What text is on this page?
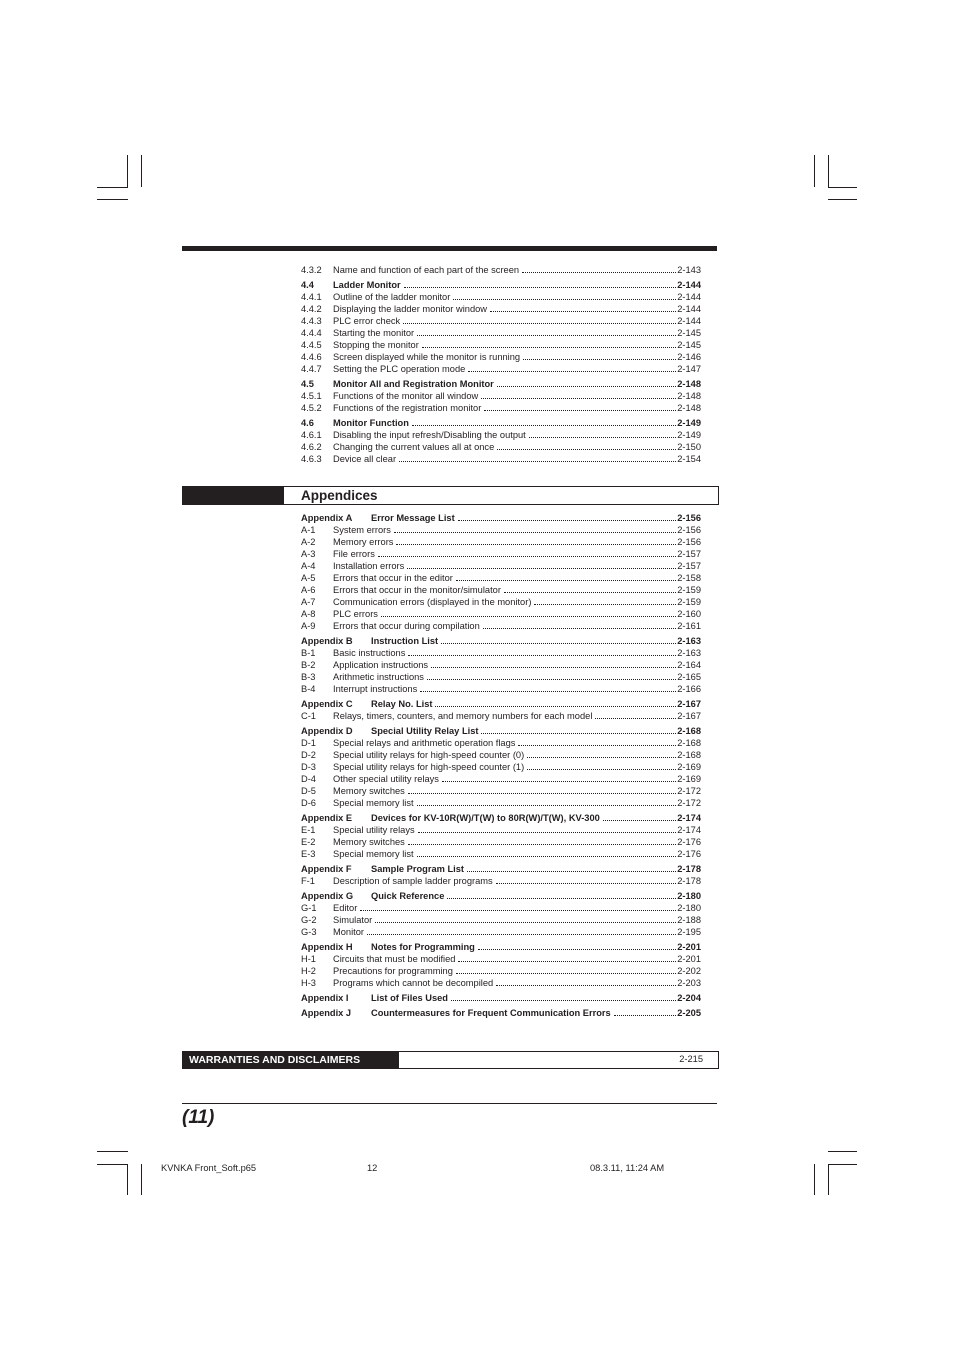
4.3.2	Name and function of each part of the screen	2-143
4.4	Ladder Monitor	2-144
4.4.1	Outline of the ladder monitor	2-144
4.4.2	Displaying the ladder monitor window	2-144
4.4.3	PLC error check	2-144
4.4.4	Starting the monitor	2-145
4.4.5	Stopping the monitor	2-145
4.4.6	Screen displayed while the monitor is running	2-146
4.4.7	Setting the PLC operation mode	2-147
4.5	Monitor All and Registration Monitor	2-148
4.5.1	Functions of the monitor all window	2-148
4.5.2	Functions of the registration monitor	2-148
4.6	Monitor Function	2-149
4.6.1	Disabling the input refresh/Disabling the output	2-149
4.6.2	Changing the current values all at once	2-150
4.6.3	Device all clear	2-154
Appendices
Appendix A	Error Message List	2-156
A-1	System errors	2-156
A-2	Memory errors	2-156
A-3	File errors	2-157
A-4	Installation errors	2-157
A-5	Errors that occur in the editor	2-158
A-6	Errors that occur in the monitor/simulator	2-159
A-7	Communication errors (displayed in the monitor)	2-159
A-8	PLC errors	2-160
A-9	Errors that occur during compilation	2-161
Appendix B	Instruction List	2-163
B-1	Basic instructions	2-163
B-2	Application instructions	2-164
B-3	Arithmetic instructions	2-165
B-4	Interrupt instructions	2-166
Appendix C	Relay No. List	2-167
C-1	Relays, timers, counters, and memory numbers for each model	2-167
Appendix D	Special Utility Relay List	2-168
D-1	Special relays and arithmetic operation flags	2-168
D-2	Special utility relays for high-speed counter (0)	2-168
D-3	Special utility relays for high-speed counter (1)	2-169
D-4	Other special utility relays	2-169
D-5	Memory switches	2-172
D-6	Special memory list	2-172
Appendix E	Devices for KV-10R(W)/T(W) to 80R(W)/T(W), KV-300	2-174
E-1	Special utility relays	2-174
E-2	Memory switches	2-176
E-3	Special memory list	2-176
Appendix F	Sample Program List	2-178
F-1	Description of sample ladder programs	2-178
Appendix G	Quick Reference	2-180
G-1	Editor	2-180
G-2	Simulator	2-188
G-3	Monitor	2-195
Appendix H	Notes for Programming	2-201
H-1	Circuits that must be modified	2-201
H-2	Precautions for programming	2-202
H-3	Programs which cannot be decompiled	2-203
Appendix I	List of Files Used	2-204
Appendix J	Countermeasures for Frequent Communication Errors	2-205
WARRANTIES AND DISCLAIMERS	2-215
(11)
KVNKA Front_Soft.p65	12	08.3.11, 11:24 AM
